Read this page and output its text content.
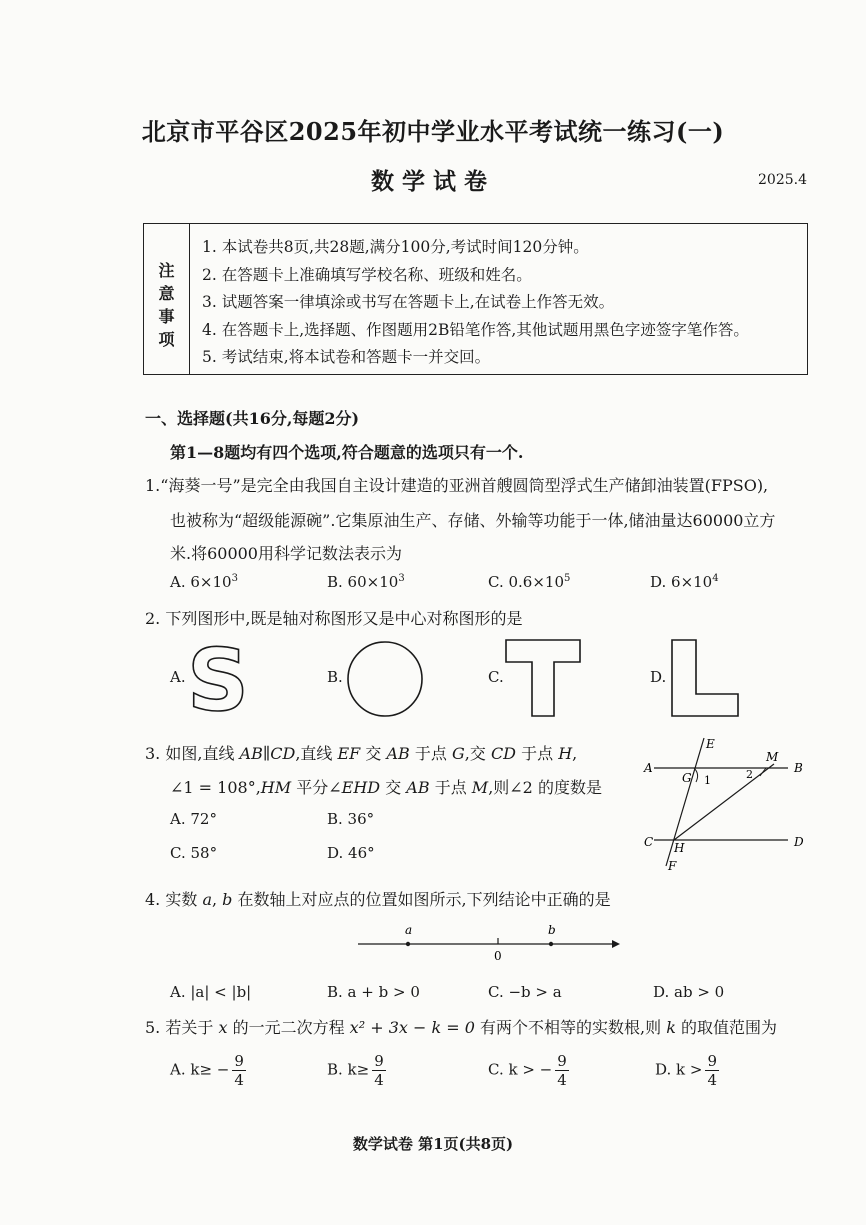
北京市平谷区2025年初中学业水平考试统一练习(一)
数学试卷	2025.4
注
意
事
项
1. 本试卷共8页,共28题,满分100分,考试时间120分钟。
2. 在答题卡上准确填写学校名称、班级和姓名。
3. 试题答案一律填涂或书写在答题卡上,在试卷上作答无效。
4. 在答题卡上,选择题、作图题用2B铅笔作答,其他试题用黑色字迹签字笔作答。
5. 考试结束,将本试卷和答题卡一并交回。
一、选择题(共16分,每题2分)
第1—8题均有四个选项,符合题意的选项只有一个.
1.“海葵一号”是完全由我国自主设计建造的亚洲首艘圆筒型浮式生产储卸油装置(FPSO),
也被称为“超级能源碗”.它集原油生产、存储、外输等功能于一体,储油量达60000立方
米.将60000用科学记数法表示为
A. $6\times 10^3$	B. $60\times 10^3$	C. $0.6\times 10^5$	D. $6\times 10^4$
2. 下列图形中,既是轴对称图形又是中心对称图形的是
A.	B.	C.	D.
S
3. 如图,直线 AB∥CD,直线 EF 交 AB 于点 G,交 CD 于点 H,
∠1 = 108°,HM 平分∠EHD 交 AB 于点 M,则∠2 的度数是
A. 72°	B. 36°
C. 58°	D. 46°
A	B
C	D
E
F
G
H
M
1	2
4. 实数 a, b 在数轴上对应点的位置如图所示,下列结论中正确的是
a	b
0
A. |a| < |b|	B. a + b > 0	C. −b > a	D. ab > 0
5. 若关于 x 的一元二次方程 x² + 3x − k = 0 有两个不相等的实数根,则 k 的取值范围为
A. $k\ge - \frac{9}{4}$	B. $k\ge \frac{9}{4}$	C. k > − $\frac{9}{4}$	D. $k > \frac{9}{4}$
数学试卷 第1页(共8页)
